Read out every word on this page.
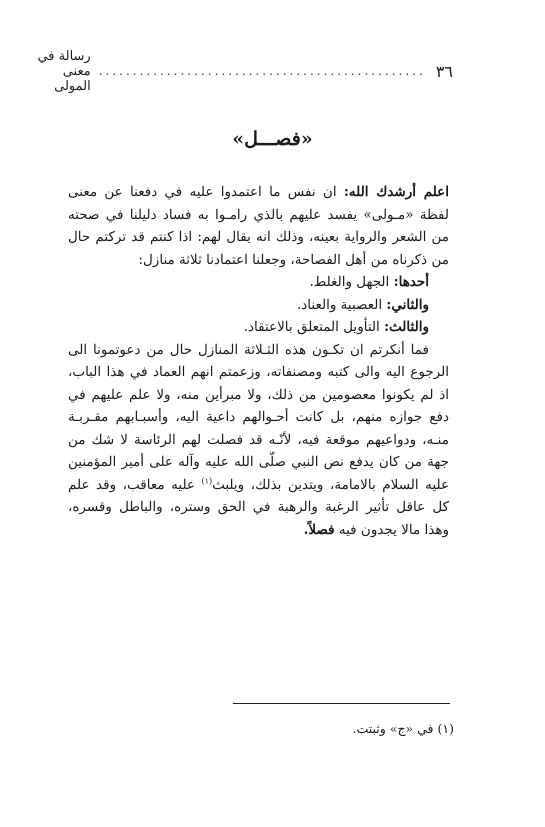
٣٦
................................................
رسالة في معنى المولى
«فصـــل»

اعلم أرشدك الله: ان نفس ما اعتمدوا عليه في دفعنا عن معنى لفظة «مـولى» يفسد عليهم بالذي رامـوا به فساد دليلنا في صحته من الشعر والرواية بعينه، وذلك انه يقال لهم: اذا كنتم قد تركتم حال من ذكرناه من أهل الفصاحة، وجعلنا اعتمادنا ثلاثة منازل:

أحدها: الجهل والغلط.

والثاني: العصبية والعناد.

والثالث: التأويل المتعلق بالاعتقاد.

فما أنكرتم ان تكـون هذه الثـلاثة المنازل حال من دعوتمونا الى الرجوع اليه والى كتبه ومصنفاته، وزعمتم انهم العماد في هذا الباب، اذ لم يكونوا معصومين من ذلك، ولا مبرأين منه، ولا علم عليهم في دفع جوازه منهم، بل كانت أحـوالهم داعية اليه، وأسبـابهم مقـربـة منـه، ودواعيهم موقعة فيه، لأنّـه قد فصلت لهم الرئاسة لا شك من جهة من كان يدفع نص النبي صلّى الله عليه وآله على أمير المؤمنين عليه السلام بالامامة، ويتدين بذلك، ويلبث$^{(١)}$ عليه معاقب، وقد علم كل عاقل تأثير الرغبة والرهبة في الحق وستره، والباطل وقسره، وهذا مالا يجدون فيه فصلاً.

(١) في «ج» وثبتت.
